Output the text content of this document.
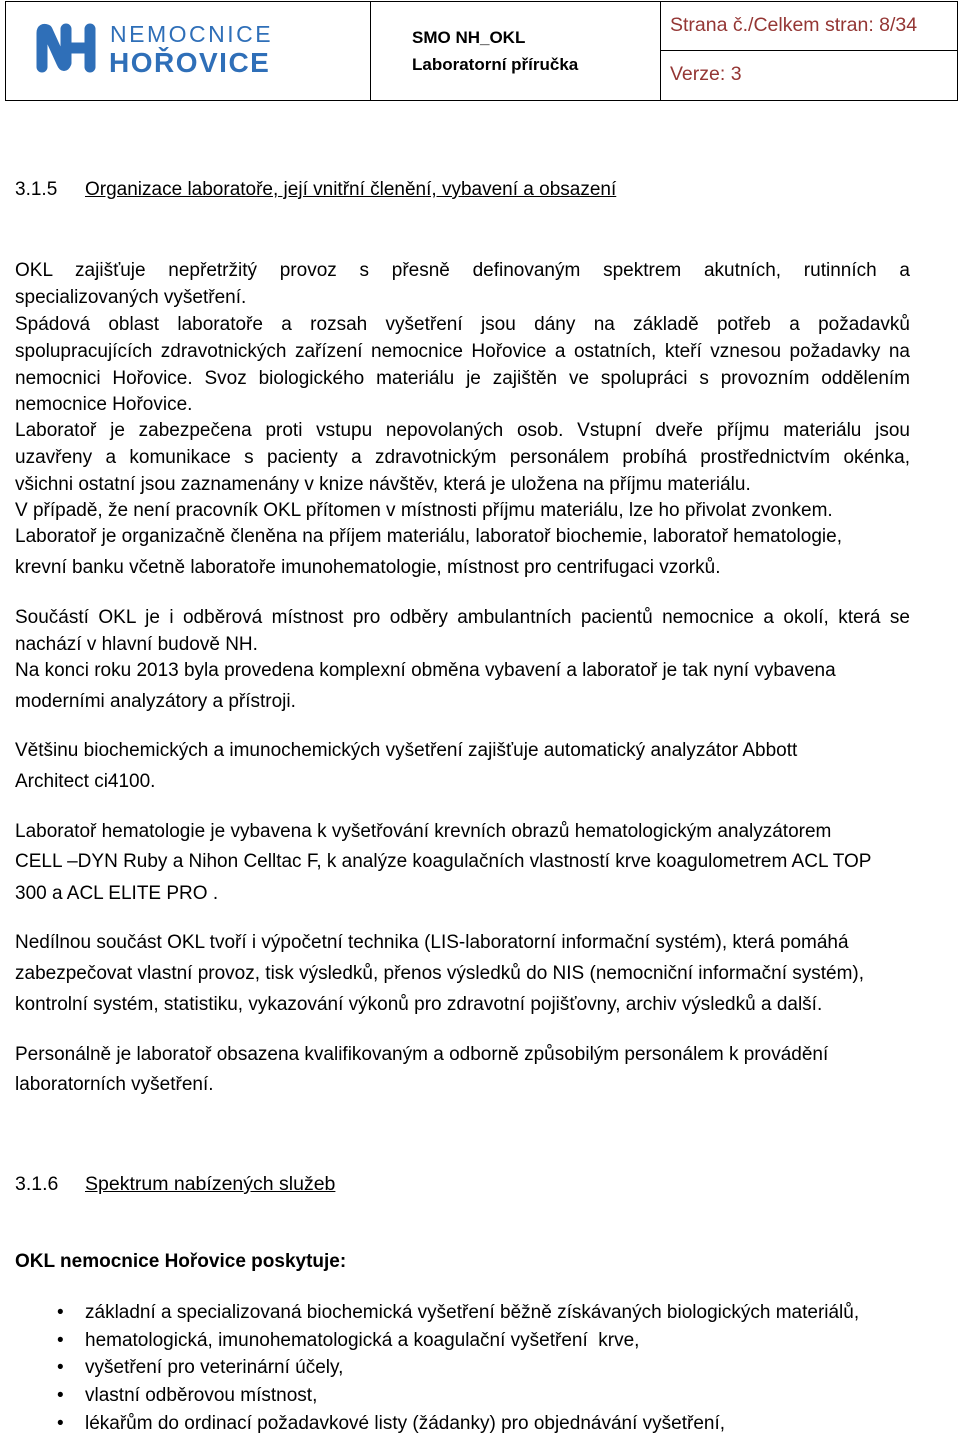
NEMOCNICE
HOŘOVICE
SMO NH_OKL
Laboratorní příručka
Strana č./Celkem stran: 8/34
Verze: 3
3.1.5 Organizace laboratoře, její vnitřní členění, vybavení a obsazení
OKL zajišťuje nepřetržitý provoz s přesně definovaným spektrem akutních, rutinních a
specializovaných vyšetření.
Spádová oblast laboratoře a rozsah vyšetření jsou dány na základě potřeb a požadavků
spolupracujících zdravotnických zařízení nemocnice Hořovice a ostatních, kteří vznesou požadavky na
nemocnici Hořovice. Svoz biologického materiálu je zajištěn ve spolupráci s provozním oddělením
nemocnice Hořovice.
Laboratoř je zabezpečena proti vstupu nepovolaných osob. Vstupní dveře příjmu materiálu jsou
uzavřeny a komunikace s pacienty a zdravotnickým personálem probíhá prostřednictvím okénka,
všichni ostatní jsou zaznamenány v knize návštěv, která je uložena na příjmu materiálu.
V případě, že není pracovník OKL přítomen v místnosti příjmu materiálu, lze ho přivolat zvonkem.
Laboratoř je organizačně členěna na příjem materiálu, laboratoř biochemie, laboratoř hematologie,
krevní banku včetně laboratoře imunohematologie, místnost pro centrifugaci vzorků.
Součástí OKL je i odběrová místnost pro odběry ambulantních pacientů nemocnice a okolí, která se
nachází v hlavní budově NH.
Na konci roku 2013 byla provedena komplexní obměna vybavení a laboratoř je tak nyní vybavena
moderními analyzátory a přístroji.
Většinu biochemických a imunochemických vyšetření zajišťuje automatický analyzátor Abbott
Architect ci4100.
Laboratoř hematologie je vybavena k vyšetřování krevních obrazů hematologickým analyzátorem
CELL –DYN Ruby a Nihon Celltac F, k analýze koagulačních vlastností krve koagulometrem ACL TOP
300 a ACL ELITE PRO .
Nedílnou součást OKL tvoří i výpočetní technika (LIS-laboratorní informační systém), která pomáhá
zabezpečovat vlastní provoz, tisk výsledků, přenos výsledků do NIS (nemocniční informační systém),
kontrolní systém, statistiku, vykazování výkonů pro zdravotní pojišťovny, archiv výsledků a další.
Personálně je laboratoř obsazena kvalifikovaným a odborně způsobilým personálem k provádění
laboratorních vyšetření.
3.1.6 Spektrum nabízených služeb
OKL nemocnice Hořovice poskytuje:
• základní a specializovaná biochemická vyšetření běžně získávaných biologických materiálů,
• hematologická, imunohematologická a koagulační vyšetření  krve,
• vyšetření pro veterinární účely,
• vlastní odběrovou místnost,
• lékařům do ordinací požadavkové listy (žádanky) pro objednávání vyšetření,
